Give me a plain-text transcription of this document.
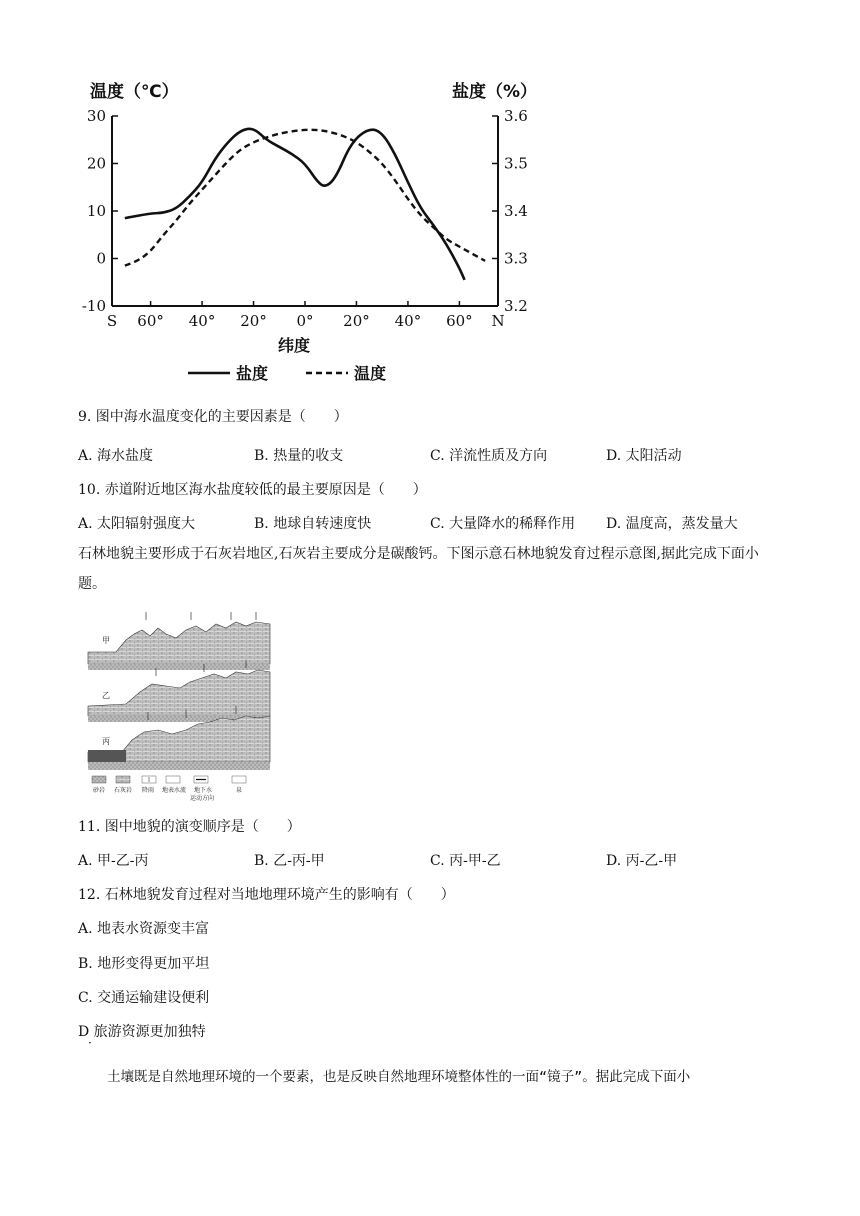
温度（℃）	盐度（%）
30
20
10
0
-10
3.6
3.5
3.4
3.3
3.2
S 60° 40° 20° 0° 20° 40° 60° N
纬度
盐度	温度
9. 图中海水温度变化的主要因素是（　　）
A. 海水盐度	B. 热量的收支	C. 洋流性质及方向	D. 太阳活动
10. 赤道附近地区海水盐度较低的最主要原因是（　　）
A. 太阳辐射强度大	B. 地球自转速度快	C. 大量降水的稀释作用 D. 温度高，蒸发量大
石林地貌主要形成于石灰岩地区,石灰岩主要成分是碳酸钙。下图示意石林地貌发育过程示意图,据此完成下面小题。
甲
乙
丙
砂岩 石灰岩 降雨 地表水流 地下水
运动方向
泉
11. 图中地貌的演变顺序是（　　）
A. 甲-乙-丙	B. 乙-丙-甲	C. 丙-甲-乙	D. 丙-乙-甲
12. 石林地貌发育过程对当地地理环境产生的影响有（　　）
A. 地表水资源变丰富
B. 地形变得更加平坦
C. 交通运输建设便利
D 旅游资源更加独特
·
土壤既是自然地理环境的一个要素，也是反映自然地理环境整体性的一面“镜子”。据此完成下面小
